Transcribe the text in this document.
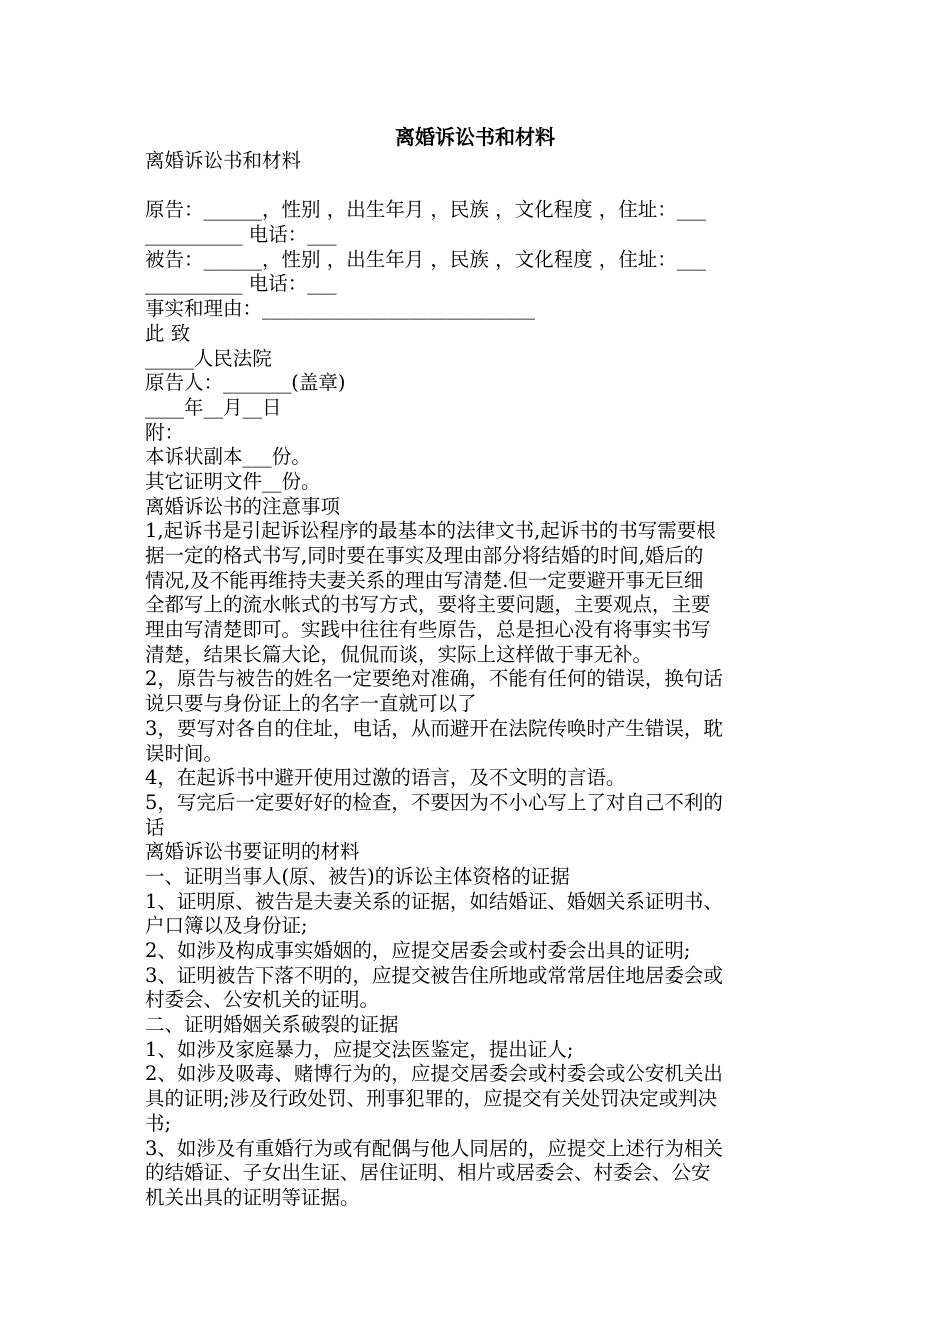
离婚诉讼书和材料
离婚诉讼书和材料
原告：______，性别 ，出生年月 ，民族 ，文化程度 ，住址：___
__________ 电话：___
被告：______，性别 ，出生年月 ，民族 ，文化程度 ，住址：___
__________ 电话：___
事实和理由：____________________________
此 致
_____人民法院
原告人：_______(盖章)
____年__月__日
附：
本诉状副本___份。
其它证明文件__份。
离婚诉讼书的注意事项
1,起诉书是引起诉讼程序的最基本的法律文书,起诉书的书写需要根
据一定的格式书写,同时要在事实及理由部分将结婚的时间,婚后的
情况,及不能再维持夫妻关系的理由写清楚.但一定要避开事无巨细
全都写上的流水帐式的书写方式，要将主要问题，主要观点，主要
理由写清楚即可。实践中往往有些原告，总是担心没有将事实书写
清楚，结果长篇大论，侃侃而谈，实际上这样做于事无补。
2，原告与被告的姓名一定要绝对准确，不能有任何的错误，换句话
说只要与身份证上的名字一直就可以了
3，要写对各自的住址，电话，从而避开在法院传唤时产生错误，耽
误时间。
4，在起诉书中避开使用过激的语言，及不文明的言语。
5，写完后一定要好好的检查，不要因为不小心写上了对自己不利的
话
离婚诉讼书要证明的材料
一、证明当事人(原、被告)的诉讼主体资格的证据
1、证明原、被告是夫妻关系的证据，如结婚证、婚姻关系证明书、
户口簿以及身份证;
2、如涉及构成事实婚姻的，应提交居委会或村委会出具的证明;
3、证明被告下落不明的，应提交被告住所地或常常居住地居委会或
村委会、公安机关的证明。
二、证明婚姻关系破裂的证据
1、如涉及家庭暴力，应提交法医鉴定，提出证人;
2、如涉及吸毒、赌博行为的，应提交居委会或村委会或公安机关出
具的证明;涉及行政处罚、刑事犯罪的，应提交有关处罚决定或判决
书;
3、如涉及有重婚行为或有配偶与他人同居的，应提交上述行为相关
的结婚证、子女出生证、居住证明、相片或居委会、村委会、公安
机关出具的证明等证据。
